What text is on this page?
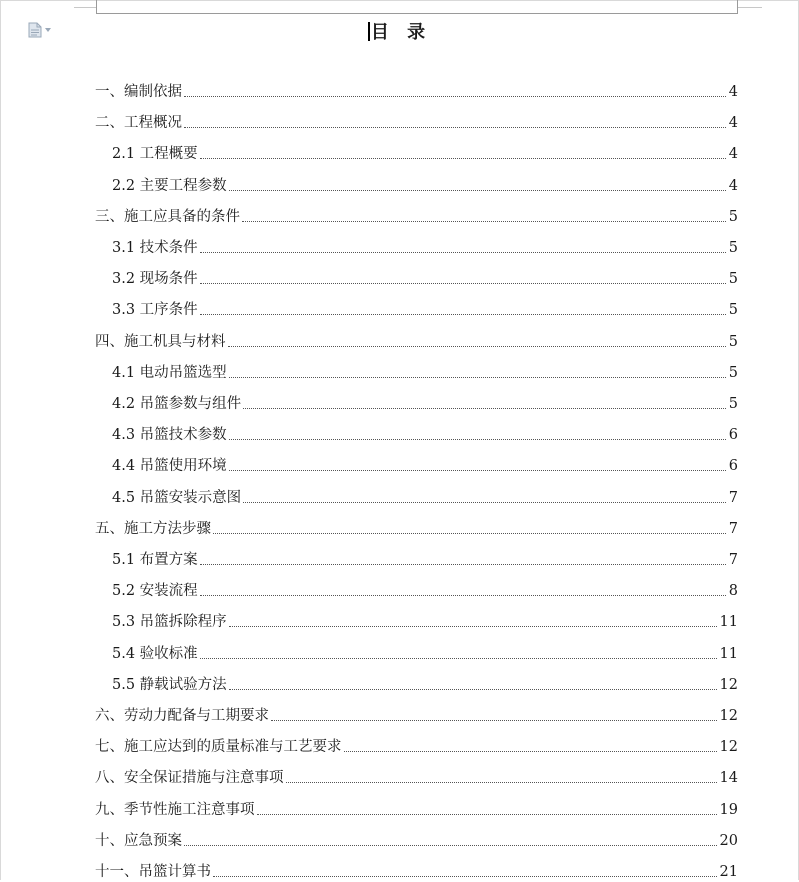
目 录
一、编制依据	4
二、工程概况	4
2.1 工程概要	4
2.2 主要工程参数	4
三、施工应具备的条件	5
3.1 技术条件	5
3.2 现场条件	5
3.3 工序条件	5
四、施工机具与材料	5
4.1 电动吊篮选型	5
4.2 吊篮参数与组件	5
4.3 吊篮技术参数	6
4.4 吊篮使用环境	6
4.5 吊篮安装示意图	7
五、施工方法步骤	7
5.1 布置方案	7
5.2 安装流程	8
5.3 吊篮拆除程序	11
5.4 验收标准	11
5.5 静载试验方法	12
六、劳动力配备与工期要求	12
七、施工应达到的质量标准与工艺要求	12
八、安全保证措施与注意事项	14
九、季节性施工注意事项	19
十、应急预案	20
十一、吊篮计算书	21
